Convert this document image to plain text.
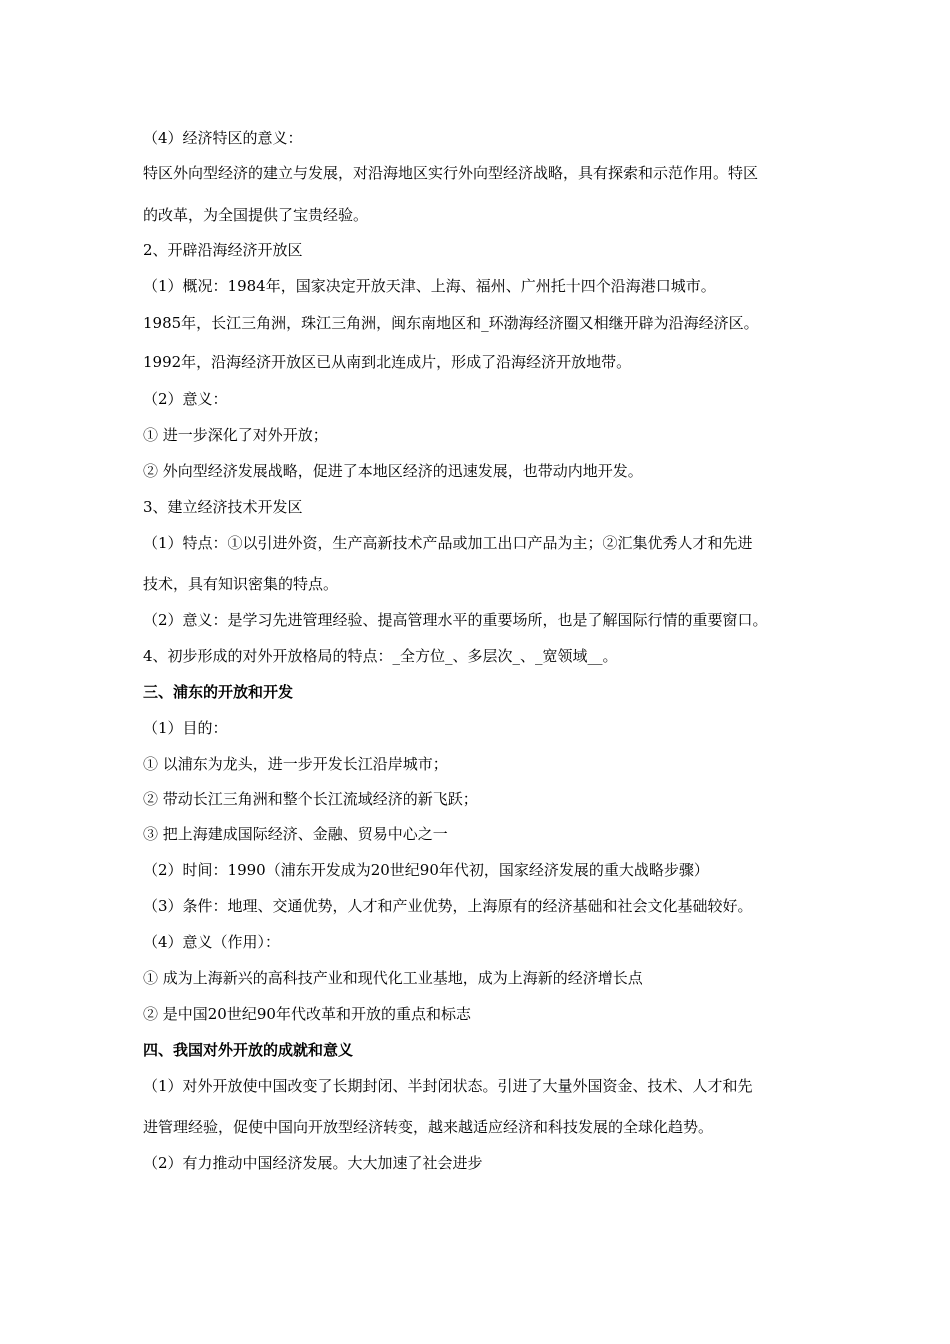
（4）经济特区的意义：
特区外向型经济的建立与发展，对沿海地区实行外向型经济战略，具有探索和示范作用。特区
的改革，为全国提供了宝贵经验。
2、开辟沿海经济开放区
（1）概况：1984年，国家决定开放天津、上海、福州、广州托十四个沿海港口城市。
1985年，长江三角洲，珠江三角洲，闽东南地区和_环渤海经济圈又相继开辟为沿海经济区。
1992年，沿海经济开放区已从南到北连成片，形成了沿海经济开放地带。
（2）意义：
① 进一步深化了对外开放；
② 外向型经济发展战略，促进了本地区经济的迅速发展，也带动内地开发。
3、建立经济技术开发区
（1）特点：①以引进外资，生产高新技术产品或加工出口产品为主；②汇集优秀人才和先进
技术，具有知识密集的特点。
（2）意义：是学习先进管理经验、提高管理水平的重要场所，也是了解国际行情的重要窗口。
4、初步形成的对外开放格局的特点：_全方位_、多层次_、_宽领域__。
三、浦东的开放和开发
（1）目的：
① 以浦东为龙头，进一步开发长江沿岸城市；
② 带动长江三角洲和整个长江流域经济的新飞跃；
③ 把上海建成国际经济、金融、贸易中心之一
（2）时间：1990（浦东开发成为20世纪90年代初，国家经济发展的重大战略步骤）
（3）条件：地理、交通优势，人才和产业优势，上海原有的经济基础和社会文化基础较好。
（4）意义（作用）：
① 成为上海新兴的高科技产业和现代化工业基地，成为上海新的经济增长点
② 是中国20世纪90年代改革和开放的重点和标志
四、我国对外开放的成就和意义
（1）对外开放使中国改变了长期封闭、半封闭状态。引进了大量外国资金、技术、人才和先
进管理经验，促使中国向开放型经济转变，越来越适应经济和科技发展的全球化趋势。
（2）有力推动中国经济发展。大大加速了社会进步
